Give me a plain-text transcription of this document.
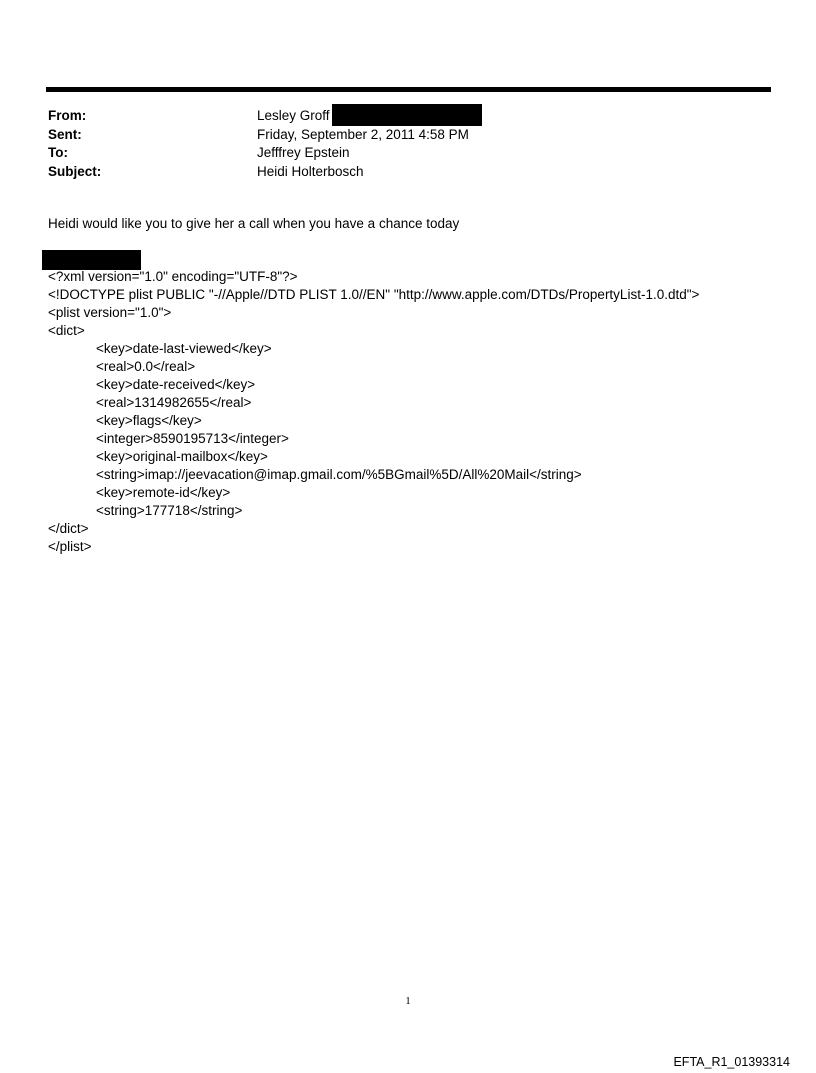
From:	Lesley Groff
Sent:	Friday, September 2, 2011 4:58 PM
To:	Jefffrey Epstein
Subject:	Heidi Holterbosch
Heidi would like you to give her a call when you have a chance today
<?xml version="1.0" encoding="UTF-8"?>
<!DOCTYPE plist PUBLIC "-//Apple//DTD PLIST 1.0//EN" "http://www.apple.com/DTDs/PropertyList-1.0.dtd">
<plist version="1.0">
<dict>
<key>date-last-viewed</key>
<real>0.0</real>
<key>date-received</key>
<real>1314982655</real>
<key>flags</key>
<integer>8590195713</integer>
<key>original-mailbox</key>
<string>imap://jeevacation@imap.gmail.com/%5BGmail%5D/All%20Mail</string>
<key>remote-id</key>
<string>177718</string>
</dict>
</plist>
1
EFTA_R1_01393314
